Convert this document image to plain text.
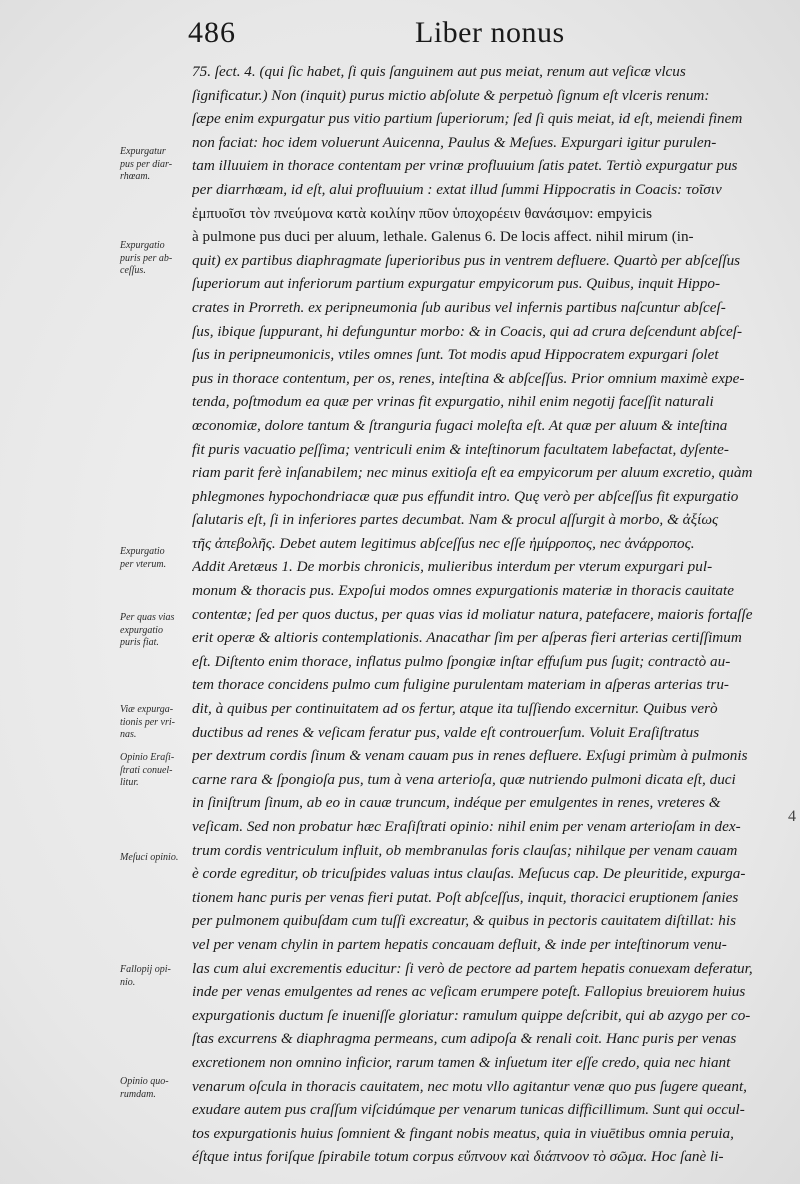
486	Liber nonus
Expurgatur
pus per diar-
rhœam.
Expurgatio
puris per ab-
ceſſus.
Expurgatio
per vterum.
Per quas vias
expurgatio
puris fiat.
Viæ expurga-
tionis per vri-
nas.
Opinio Eraſi-
ſtrati conuel-
litur.
Meſuci opinio.
Fallopij opi-
nio.
Opinio quo-
rumdam.
75. ſect. 4. (qui ſic habet, ſi quis ſanguinem aut pus meiat, renum aut veſicæ vlcus
ſignificatur.) Non (inquit) purus mictio abſolute & perpetuò ſignum eſt vlceris renum:
ſæpe enim expurgatur pus vitio partium ſuperiorum; ſed ſi quis meiat, id eſt, meiendi finem
non faciat: hoc idem voluerunt Auicenna, Paulus & Meſues. Expurgari igitur purulen-
tam illuuiem in thorace contentam per vrinæ profluuium ſatis patet. Tertiò expurgatur pus
per diarrhœam, id eſt, alui profluuium : extat illud ſummi Hippocratis in Coacis: τοῖσιν
ἐμπυοῖσι τὸν πνεύμονα κατὰ κοιλίην πῦον ὑποχορέειν θανάσιμον: empyicis
à pulmone pus duci per aluum, lethale. Galenus 6. De locis affect. nihil mirum (in-
quit) ex partibus diaphragmate ſuperioribus pus in ventrem defluere. Quartò per abſceſſus
ſuperiorum aut inferiorum partium expurgatur empyicorum pus. Quibus, inquit Hippo-
crates in Prorreth. ex peripneumonia ſub auribus vel infernis partibus naſcuntur abſceſ-
ſus, ibique ſuppurant, hi defunguntur morbo: & in Coacis, qui ad crura deſcendunt abſceſ-
ſus in peripneumonicis, vtiles omnes ſunt. Tot modis apud Hippocratem expurgari ſolet
pus in thorace contentum, per os, renes, inteſtina & abſceſſus. Prior omnium maximè expe-
tenda, poſtmodum ea quæ per vrinas fit expurgatio, nihil enim negotij faceſſit naturali
œconomiæ, dolore tantum & ſtranguria fugaci moleſta eſt. At quæ per aluum & inteſtina
fit puris vacuatio peſſima; ventriculi enim & inteſtinorum facultatem labefactat, dyſente-
riam parit ferè inſanabilem; nec minus exitioſa eſt ea empyicorum per aluum excretio, quàm
phlegmones hypochondriacæ quæ pus effundit intro. Quę verò per abſceſſus fit expurgatio
ſalutaris eſt, ſi in inferiores partes decumbat. Nam & procul aſſurgit à morbo, & ἀξίως
τῆς ἀπεβολῆς. Debet autem legitimus abſceſſus nec eſſe ἠμίρροπος, nec ἀνάρροπος.
Addit Aretæus 1. De morbis chronicis, mulieribus interdum per vterum expurgari pul-
monum & thoracis pus. Expoſui modos omnes expurgationis materiæ in thoracis cauitate
contentæ; ſed per quos ductus, per quas vias id moliatur natura, patefacere, maioris fortaſſe
erit operæ & altioris contemplationis. Anacathar ſim per aſperas fieri arterias certiſſimum
eſt. Diſtento enim thorace, inflatus pulmo ſpongiæ inſtar effuſum pus ſugit; contractò au-
tem thorace concidens pulmo cum fuligine purulentam materiam in aſperas arterias tru-
dit, à quibus per continuitatem ad os fertur, atque ita tuſſiendo excernitur. Quibus verò
ductibus ad renes & veſicam feratur pus, valde eſt controuerſum. Voluit Eraſiſtratus
per dextrum cordis ſinum & venam cauam pus in renes defluere. Exſugi primùm à pulmonis
carne rara & ſpongioſa pus, tum à vena arterioſa, quæ nutriendo pulmoni dicata eſt, duci
in ſiniſtrum ſinum, ab eo in cauæ truncum, indéque per emulgentes in renes, vreteres &
veſicam. Sed non probatur hæc Eraſiſtrati opinio: nihil enim per venam arterioſam in dex-
trum cordis ventriculum influit, ob membranulas foris clauſas; nihilque per venam cauam
è corde egreditur, ob tricuſpides valuas intus clauſas. Meſucus cap. De pleuritide, expurga-
tionem hanc puris per venas fieri putat. Poſt abſceſſus, inquit, thoracici eruptionem ſanies
per pulmonem quibuſdam cum tuſſi excreatur, & quibus in pectoris cauitatem diſtillat: his
vel per venam chylin in partem hepatis concauam defluit, & inde per inteſtinorum venu-
las cum alui excrementis educitur: ſi verò de pectore ad partem hepatis conuexam deferatur,
inde per venas emulgentes ad renes ac veſicam erumpere poteſt. Fallopius breuiorem huius
expurgationis ductum ſe inueniſſe gloriatur: ramulum quippe deſcribit, qui ab azygo per co-
ſtas excurrens & diaphragma permeans, cum adipoſa & renali coit. Hanc puris per venas
excretionem non omnino inficior, rarum tamen & inſuetum iter eſſe credo, quia nec hiant
venarum oſcula in thoracis cauitatem, nec motu vllo agitantur venæ quo pus ſugere queant,
exudare autem pus craſſum viſcidúmque per venarum tunicas difficillimum. Sunt qui occul-
tos expurgationis huius ſomnient & fingant nobis meatus, quia in viuētibus omnia peruia,
éſtque intus foriſque ſpirabile totum corpus εὔπνουν καὶ διάπνοον τὸ σῶμα. Hoc ſanè li-
4
